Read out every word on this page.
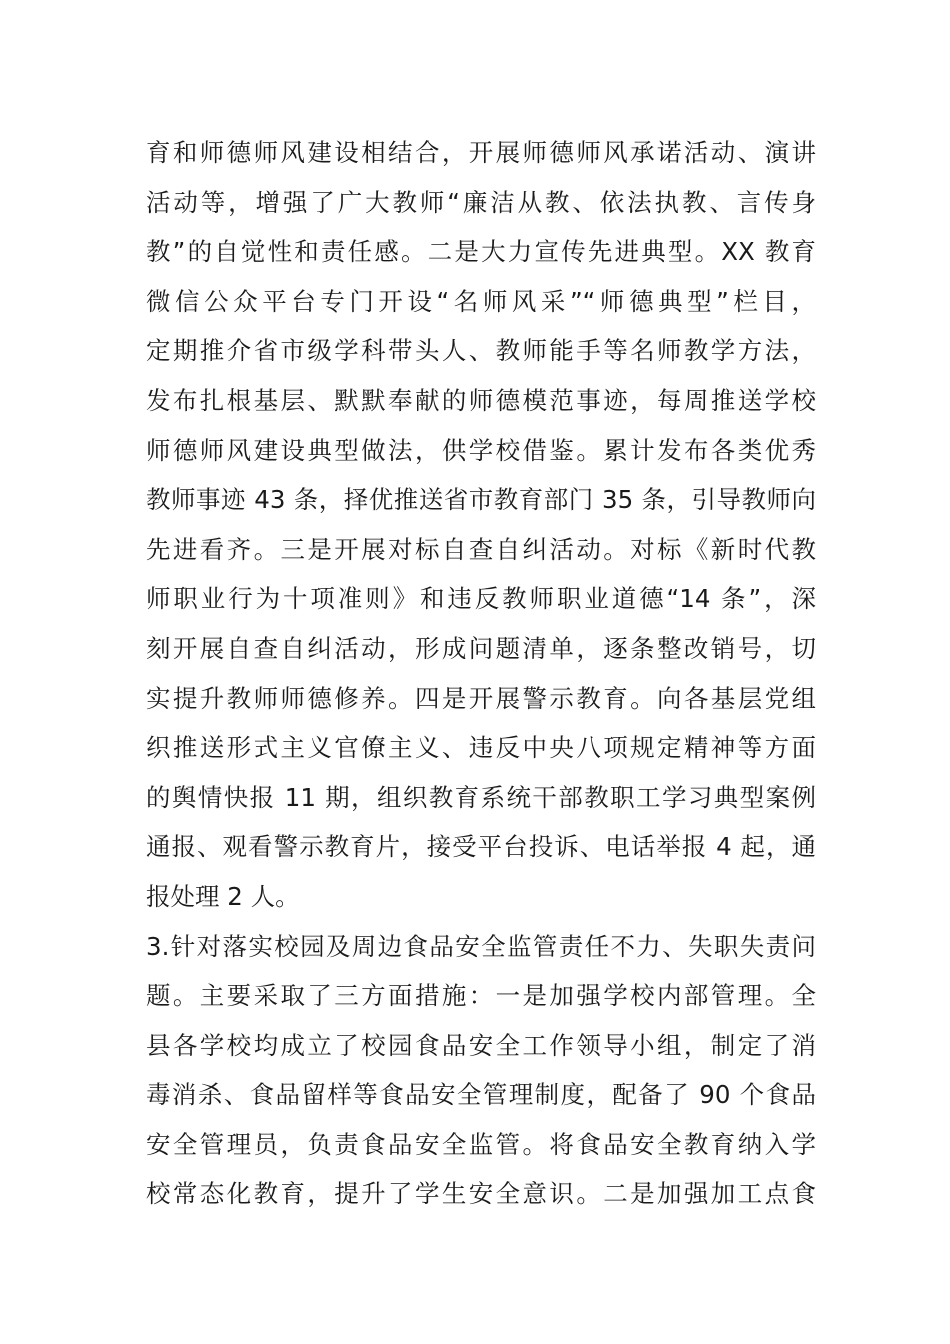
育和师德师风建设相结合，开展师德师风承诺活动、演讲
活动等，增强了广大教师“廉洁从教、依法执教、言传身
教”的自觉性和责任感。二是大力宣传先进典型。XX 教育
微信公众平台专门开设“名师风采”“师德典型”栏目，
定期推介省市级学科带头人、教师能手等名师教学方法，
发布扎根基层、默默奉献的师德模范事迹，每周推送学校
师德师风建设典型做法，供学校借鉴。累计发布各类优秀
教师事迹 43 条，择优推送省市教育部门 35 条，引导教师向
先进看齐。三是开展对标自查自纠活动。对标《新时代教
师职业行为十项准则》和违反教师职业道德“14 条”，深
刻开展自查自纠活动，形成问题清单，逐条整改销号，切
实提升教师师德修养。四是开展警示教育。向各基层党组
织推送形式主义官僚主义、违反中央八项规定精神等方面
的舆情快报 11 期，组织教育系统干部教职工学习典型案例
通报、观看警示教育片，接受平台投诉、电话举报 4 起，通
报处理 2 人。
3.针对落实校园及周边食品安全监管责任不力、失职失责问
题。主要采取了三方面措施：一是加强学校内部管理。全
县各学校均成立了校园食品安全工作领导小组，制定了消
毒消杀、食品留样等食品安全管理制度，配备了 90 个食品
安全管理员，负责食品安全监管。将食品安全教育纳入学
校常态化教育，提升了学生安全意识。二是加强加工点食
